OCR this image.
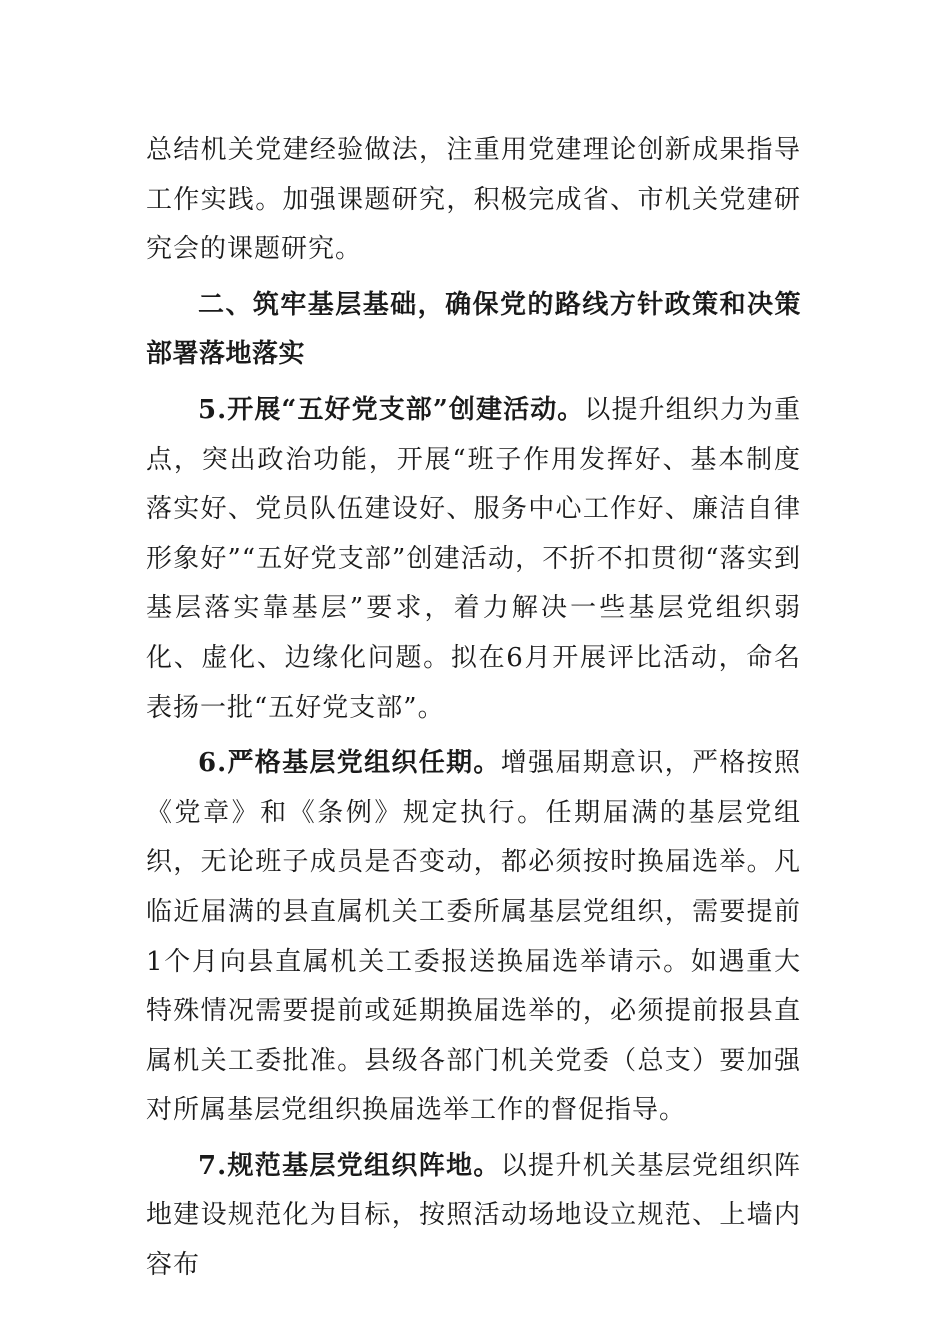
总结机关党建经验做法，注重用党建理论创新成果指导工作实践。加强课题研究，积极完成省、市机关党建研究会的课题研究。

二、筑牢基层基础，确保党的路线方针政策和决策部署落地落实

5.开展“五好党支部”创建活动。以提升组织力为重点，突出政治功能，开展“班子作用发挥好、基本制度落实好、党员队伍建设好、服务中心工作好、廉洁自律形象好”“五好党支部”创建活动，不折不扣贯彻“落实到基层落实靠基层”要求，着力解决一些基层党组织弱化、虚化、边缘化问题。拟在6月开展评比活动，命名表扬一批“五好党支部”。

6.严格基层党组织任期。增强届期意识，严格按照《党章》和《条例》规定执行。任期届满的基层党组织，无论班子成员是否变动，都必须按时换届选举。凡临近届满的县直属机关工委所属基层党组织，需要提前1个月向县直属机关工委报送换届选举请示。如遇重大特殊情况需要提前或延期换届选举的，必须提前报县直属机关工委批准。县级各部门机关党委（总支）要加强对所属基层党组织换届选举工作的督促指导。

7.规范基层党组织阵地。以提升机关基层党组织阵地建设规范化为目标，按照活动场地设立规范、上墙内容布
